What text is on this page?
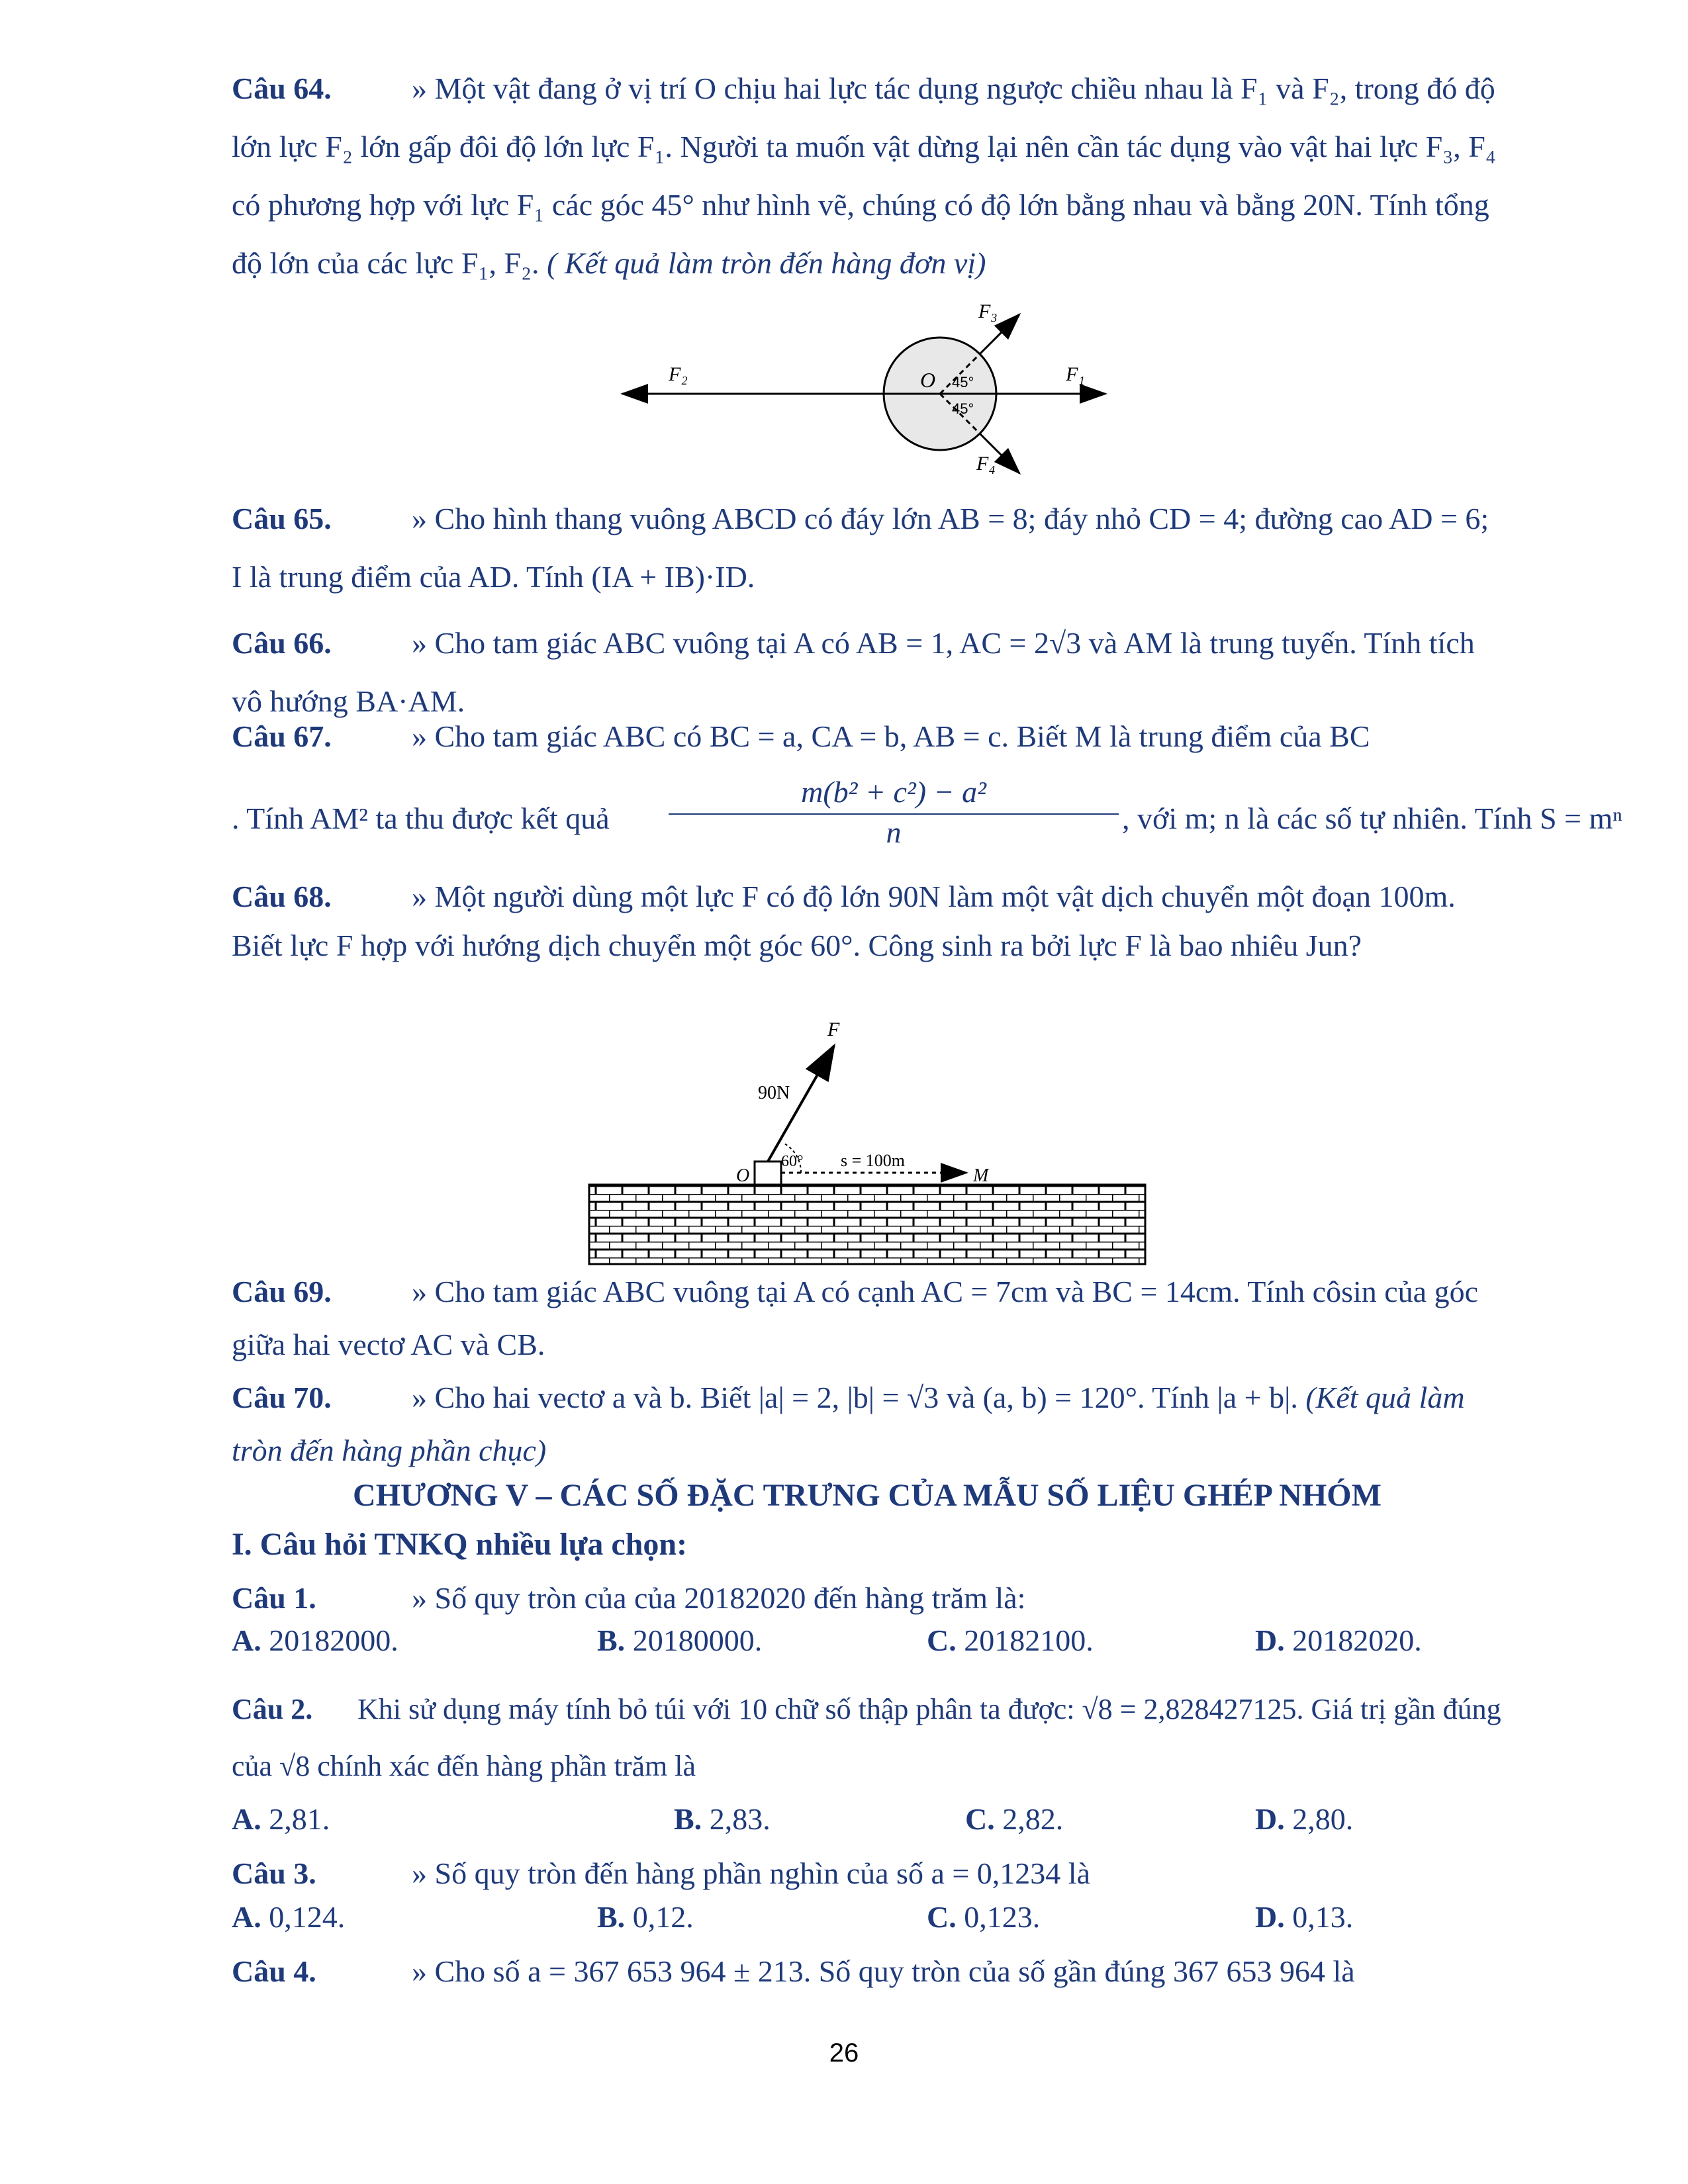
Câu 64.	» Một vật đang ở vị trí O chịu hai lực tác dụng ngược chiều nhau là F₁ và F₂, trong đó độ lớn lực F₂ lớn gấp đôi độ lớn lực F₁. Người ta muốn vật dừng lại nên cần tác dụng vào vật hai lực F₃, F₄ có phương hợp với lực F₁ các góc 45° như hình vẽ, chúng có độ lớn bằng nhau và bằng 20N. Tính tổng độ lớn của các lực F₁, F₂. ( Kết quả làm tròn đến hàng đơn vị)
F₂	F₁
F₃
F₄
O 45°
45°
Câu 65.	» Cho hình thang vuông ABCD có đáy lớn AB = 8; đáy nhỏ CD = 4; đường cao AD = 6; I là trung điểm của AD. Tính (IA + IB)·ID.
Câu 66.	» Cho tam giác ABC vuông tại A có AB = 1, AC = 2√3 và AM là trung tuyến. Tính tích vô hướng BA·AM.
Câu 67.	» Cho tam giác ABC có BC = a, CA = b, AB = c. Biết M là trung điểm của BC
. Tính AM² ta thu được kết quả $\frac{\text{m(b² + c²) − a²}}{n}$ , với m; n là các số tự nhiên. Tính S = mⁿ
Câu 68.	» Một người dùng một lực F có độ lớn 90N làm một vật dịch chuyển một đoạn 100m. Biết lực F hợp với hướng dịch chuyển một góc 60°. Công sinh ra bởi lực F là bao nhiêu Jun?
F
90N
60° s = 100m
O	M
Câu 69.	» Cho tam giác ABC vuông tại A có cạnh AC = 7cm và BC = 14cm. Tính côsin của góc giữa hai vectơ AC và CB.
Câu 70.	» Cho hai vectơ a và b. Biết |a| = 2, |b| = √3 và (a, b) = 120°. Tính |a + b|. (Kết quả làm tròn đến hàng phần chục)
CHƯƠNG V – CÁC SỐ ĐẶC TRƯNG CỦA MẪU SỐ LIỆU GHÉP NHÓM
I. Câu hỏi TNKQ nhiều lựa chọn:
Câu 1.	» Số quy tròn của của 20182020 đến hàng trăm là:
A. 20182000.	B. 20180000.	C. 20182100.	D. 20182020.
Câu 2. Khi sử dụng máy tính bỏ túi với 10 chữ số thập phân ta được: √8 = 2,828427125. Giá trị gần đúng của √8 chính xác đến hàng phần trăm là
A. 2,81.	B. 2,83.	C. 2,82.	D. 2,80.
Câu 3.	» Số quy tròn đến hàng phần nghìn của số a = 0,1234 là
A. 0,124.	B. 0,12.	C. 0,123.	D. 0,13.
Câu 4.	» Cho số a = 367 653 964 ± 213. Số quy tròn của số gần đúng 367 653 964 là
26
